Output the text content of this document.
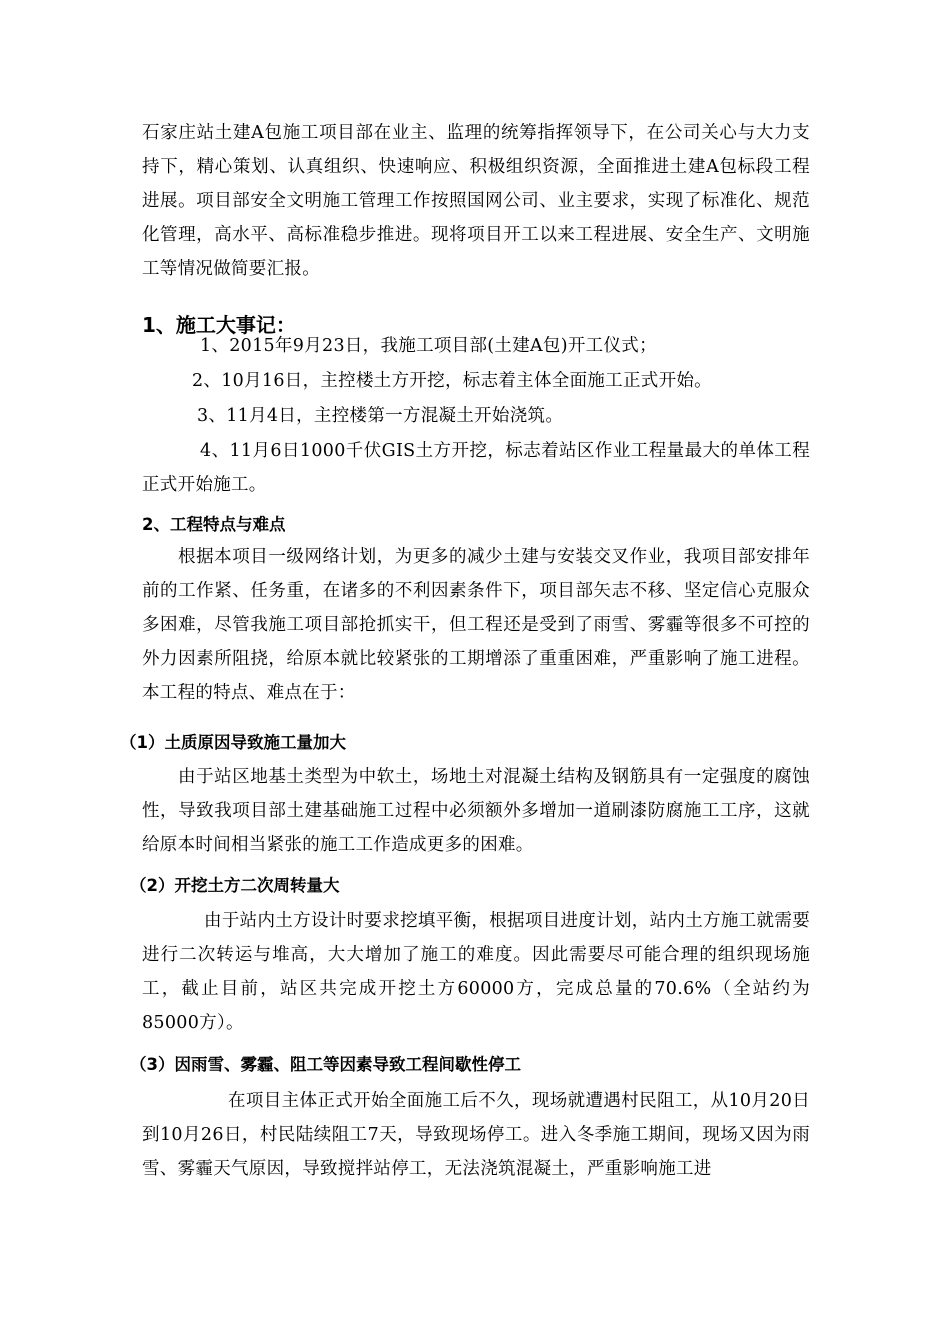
石家庄站土建A包施工项目部在业主、监理的统筹指挥领导下，在公司关心与大力支持下，精心策划、认真组织、快速响应、积极组织资源，全面推进土建A包标段工程进展。项目部安全文明施工管理工作按照国网公司、业主要求，实现了标准化、规范化管理，高水平、高标准稳步推进。现将项目开工以来工程进展、安全生产、文明施工等情况做简要汇报。

1、施工大事记：

1、2015年9月23日，我施工项目部(土建A包)开工仪式；

2、10月16日，主控楼土方开挖，标志着主体全面施工正式开始。

3、11月4日，主控楼第一方混凝土开始浇筑。

4、11月6日1000千伏GIS土方开挖，标志着站区作业工程量最大的单体工程正式开始施工。

2、工程特点与难点

根据本项目一级网络计划，为更多的减少土建与安装交叉作业，我项目部安排年前的工作紧、任务重，在诸多的不利因素条件下，项目部矢志不移、坚定信心克服众多困难，尽管我施工项目部抢抓实干，但工程还是受到了雨雪、雾霾等很多不可控的外力因素所阻挠，给原本就比较紧张的工期增添了重重困难，严重影响了施工进程。本工程的特点、难点在于：

（1）土质原因导致施工量加大

由于站区地基土类型为中软土，场地土对混凝土结构及钢筋具有一定强度的腐蚀性，导致我项目部土建基础施工过程中必须额外多增加一道刷漆防腐施工工序，这就给原本时间相当紧张的施工工作造成更多的困难。

（2）开挖土方二次周转量大

由于站内土方设计时要求挖填平衡，根据项目进度计划，站内土方施工就需要进行二次转运与堆高，大大增加了施工的难度。因此需要尽可能合理的组织现场施工，截止目前，站区共完成开挖土方60000方，完成总量的70.6%（全站约为85000方）。

（3）因雨雪、雾霾、阻工等因素导致工程间歇性停工

在项目主体正式开始全面施工后不久，现场就遭遇村民阻工，从10月20日到10月26日，村民陆续阻工7天，导致现场停工。进入冬季施工期间，现场又因为雨雪、雾霾天气原因，导致搅拌站停工，无法浇筑混凝土，严重影响施工进
